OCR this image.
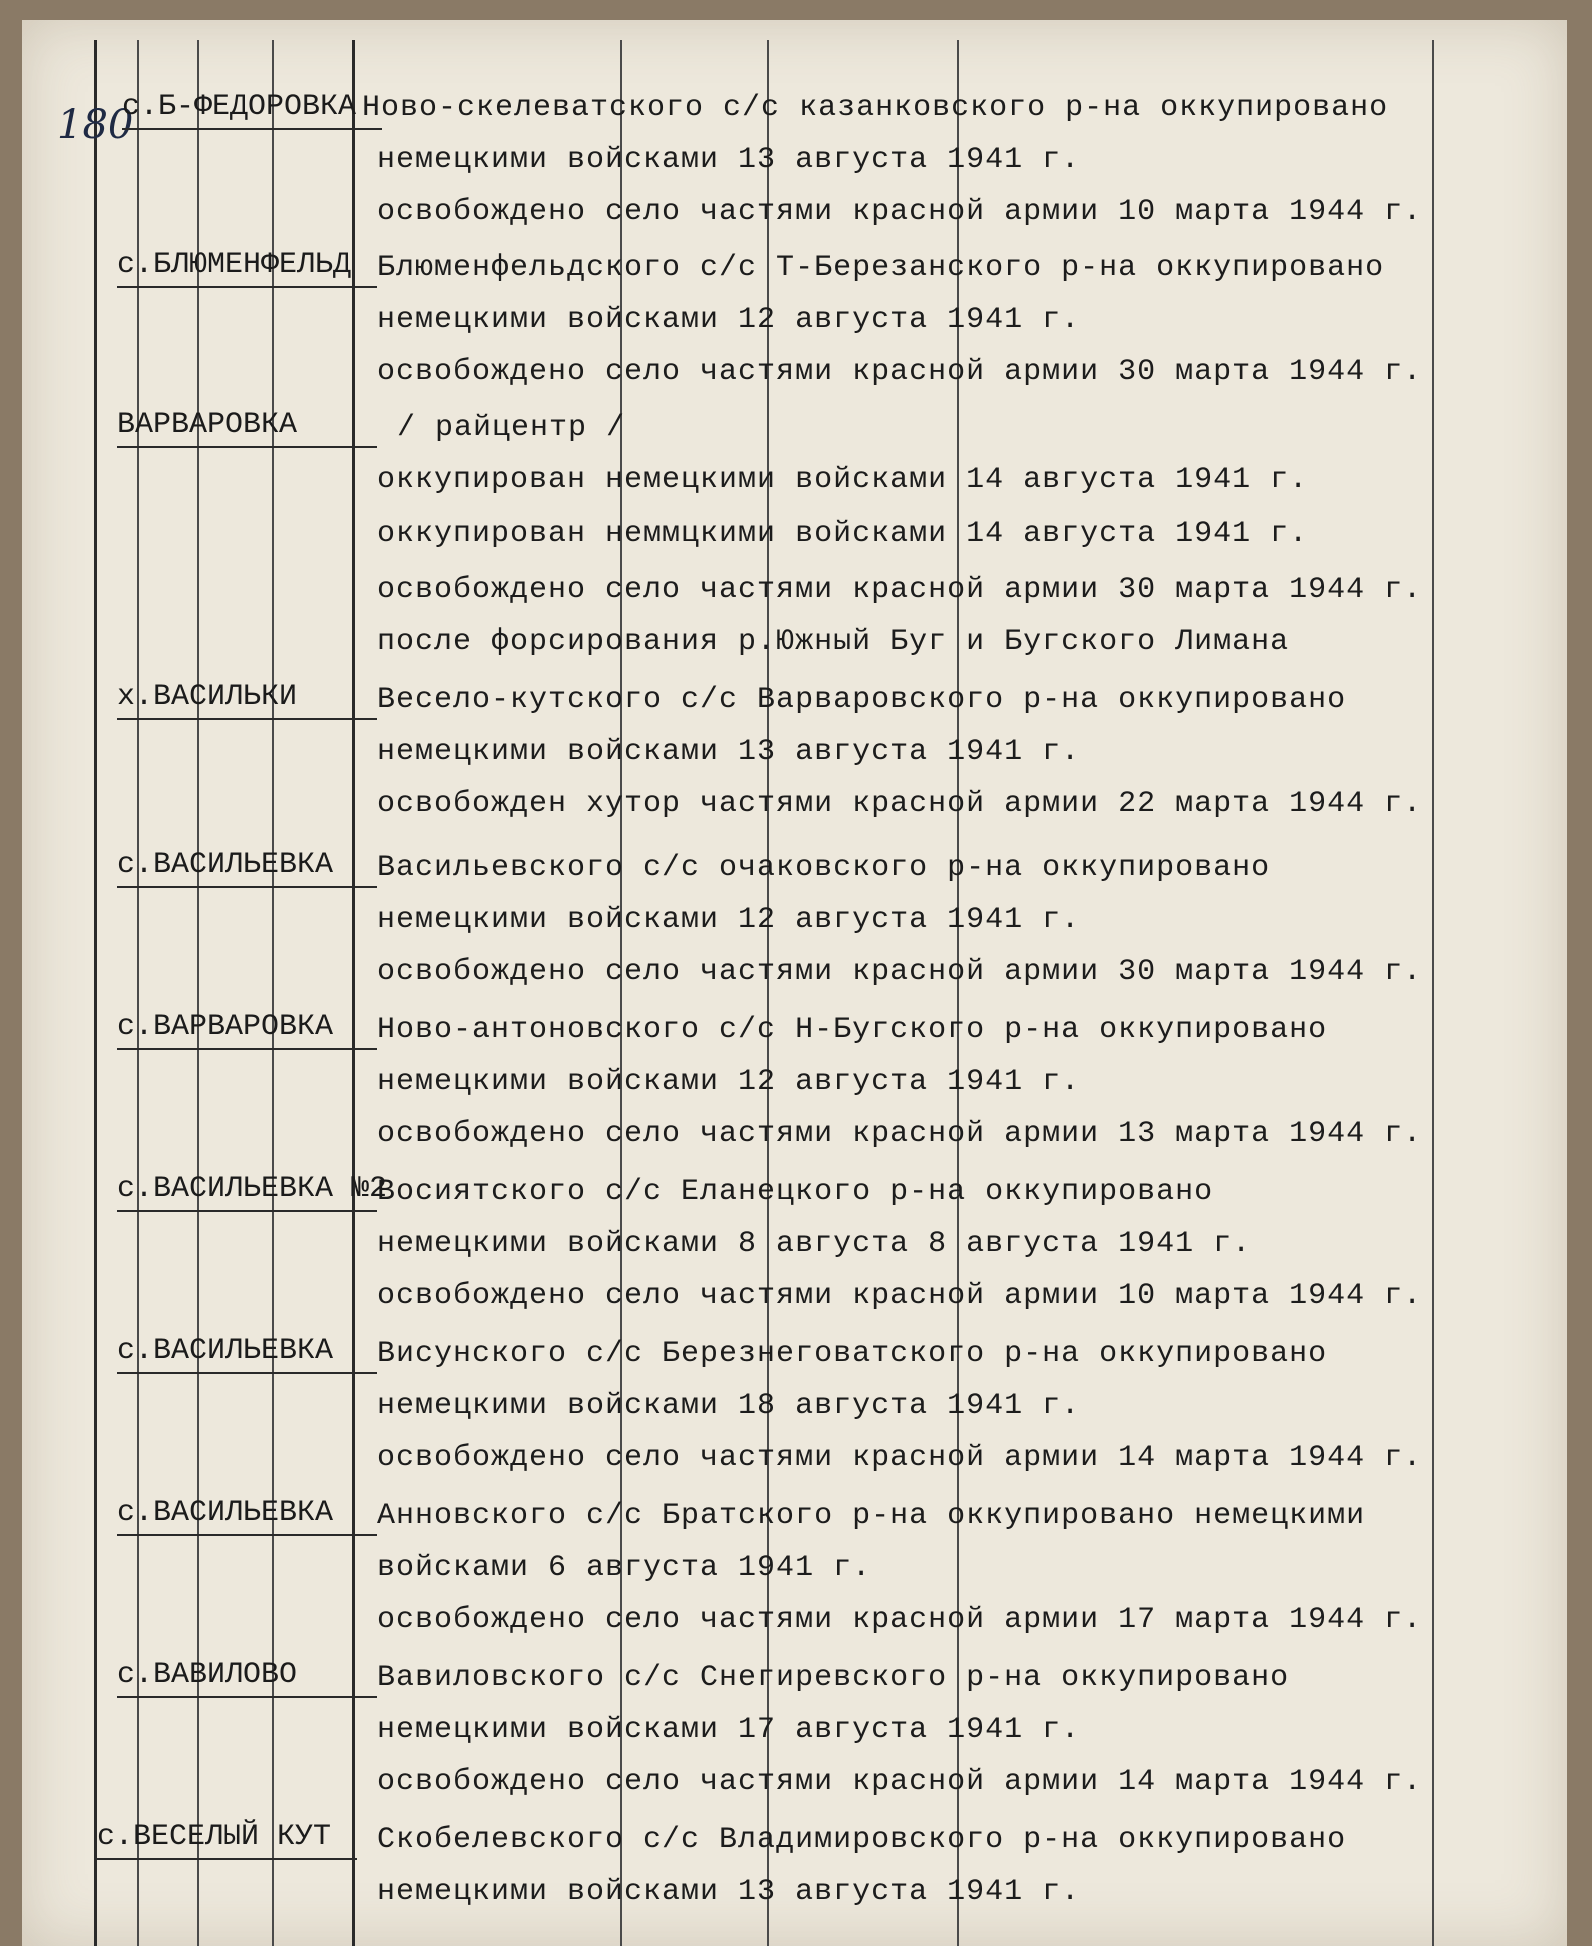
180
с.Б-ФЕДОРОВКА Ново-скелеватского с/с казанковского р-на оккупировано
немецкими войсками 13 августа 1941 г.
освобождено село частями красной армии 10 марта 1944 г.
с.БЛЮМЕНФЕЛЬД Блюменфельдского с/с Т-Березанского р-на оккупировано
немецкими войсками 12 августа 1941 г.
освобождено село частями красной армии 30 марта 1944 г.
ВАРВАРОВКА	/ райцентр /
оккупирован немецкими войсками 14 августа 1941 г.
оккупирован неммцкими войсками 14 августа 1941 г.
освобождено село частями красной армии 30 марта 1944 г.
после форсирования р.Южный Буг и Бугского Лимана
х.ВАСИЛЬКИ	Весело-кутского с/с Варваровского р-на оккупировано
немецкими войсками 13 августа 1941 г.
освобожден хутор частями красной армии 22 марта 1944 г.
с.ВАСИЛЬЕВКА	Васильевского с/с очаковского р-на оккупировано
немецкими войсками 12 августа 1941 г.
освобождено село частями красной армии 30 марта 1944 г.
с.ВАРВАРОВКА	Ново-антоновского с/с Н-Бугского р-на оккупировано
немецкими войсками 12 августа 1941 г.
освобождено село частями красной армии 13 марта 1944 г.
с.ВАСИЛЬЕВКА №2
Восиятского с/с Еланецкого р-на оккупировано
немецкими войсками 8 августа 8 августа 1941 г.
освобождено село частями красной армии 10 марта 1944 г.
с.ВАСИЛЬЕВКА	Висунского с/с Березнеговатского р-на оккупировано
немецкими войсками 18 августа 1941 г.
освобождено село частями красной армии 14 марта 1944 г.
с.ВАСИЛЬЕВКА	Анновского с/с Братского р-на оккупировано немецкими
войсками 6 августа 1941 г.
освобождено село частями красной армии 17 марта 1944 г.
с.ВАВИЛОВО	Вавиловского с/с Снегиревского р-на оккупировано
немецкими войсками 17 августа 1941 г.
освобождено село частями красной армии 14 марта 1944 г.
с.ВЕСЕЛЫЙ КУТ	Скобелевского с/с Владимировского р-на оккупировано
немецкими войсками 13 августа 1941 г.
